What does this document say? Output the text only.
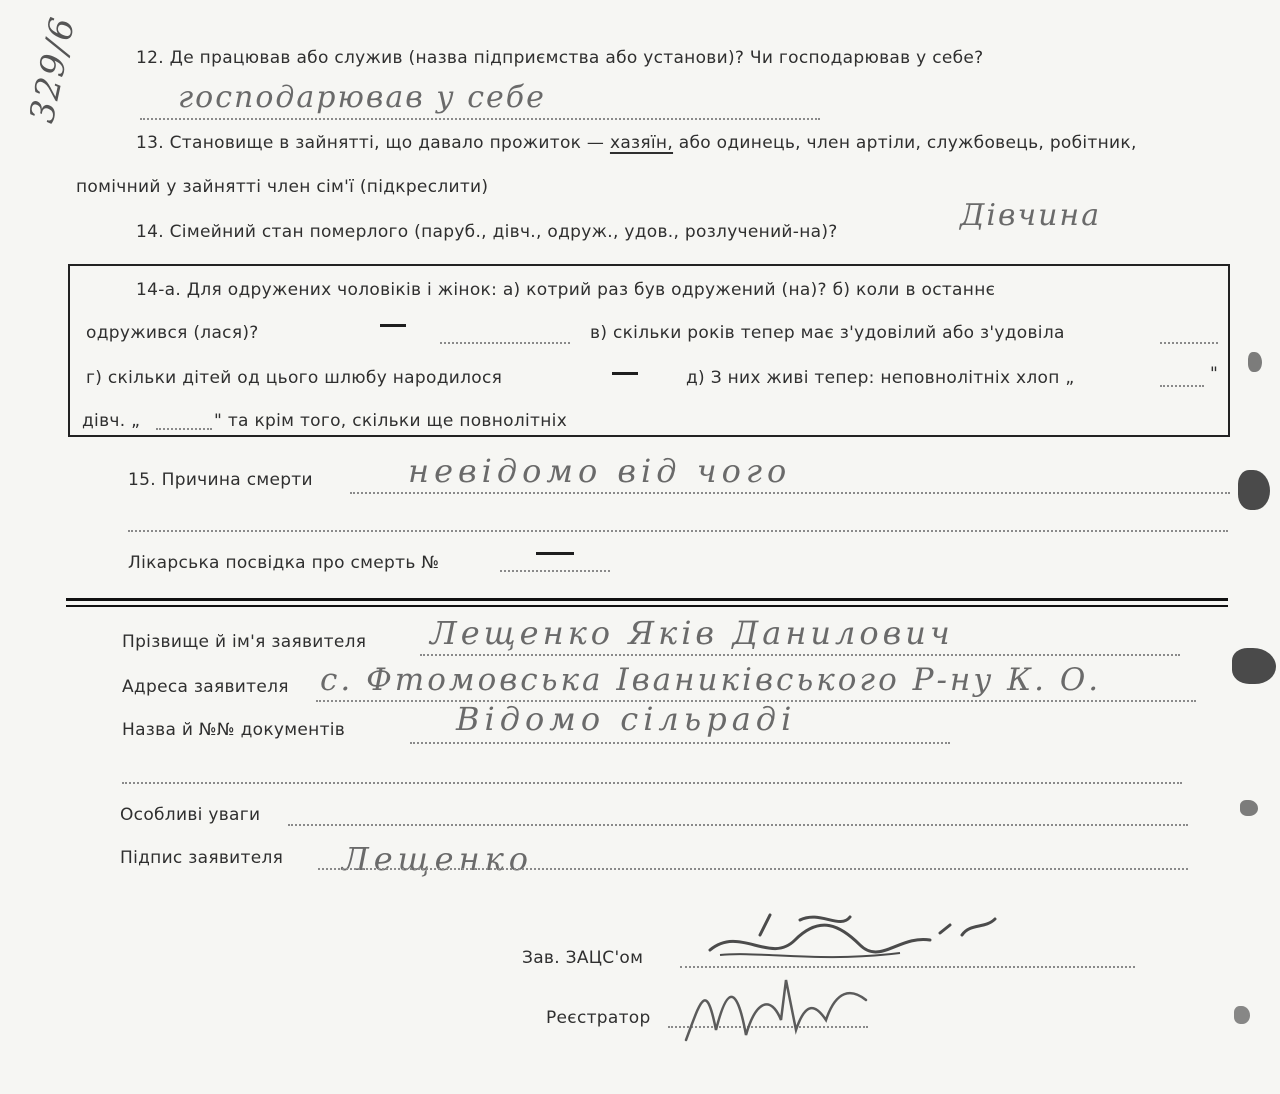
329/6	12. Де працював або служив (назва підприємства або установи)? Чи господарював у себе?
господарював у себе
13. Становище в зайнятті, що давало прожиток — хазяїн, або одинець, член артіли, службовець, робітник,
помічний у зайнятті член сім'ї (підкреслити)
14. Сімейний стан померлого (паруб., дівч., одруж., удов., розлучений-на)?	Дівчина
14-а. Для одружених чоловіків і жінок: а) котрий раз був одружений (на)? б) коли в останнє
одружився (лася)?	в) скільки років тепер має з'удовілий або з'удовіла
г) скільки дітей од цього шлюбу народилося	д) З них живі тепер: неповнолітніх хлоп „	"
дівч. „	" та крім того, скільки ще повнолітніх
15. Причина смерти	невідомо від чого
Лікарська посвідка про смерть №
Прізвище й ім'я заявителя Лещенко Яків Данилович
Адреса заявителя с. Фтомовська Іваниківського Р-ну К. О.
Назва й №№ документів	Відомо сільраді
Особливі уваги
Підпис заявителя Лещенко
Зав. ЗАЦС'ом
Реєстратор
